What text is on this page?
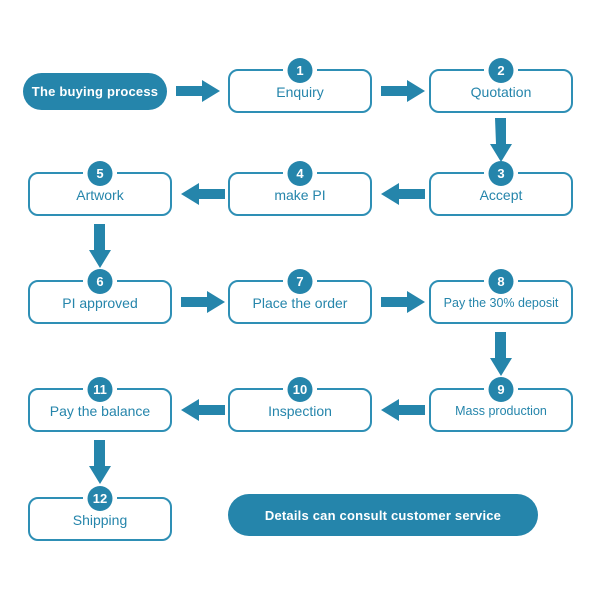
The buying process
1
Enquiry
2
Quotation
5
Artwork
4
make PI
3
Accept
6
PI approved
7
Place the order
8
Pay the 30% deposit
11
Pay the balance
10
Inspection
9
Mass production
12
Shipping	Details can consult customer service
